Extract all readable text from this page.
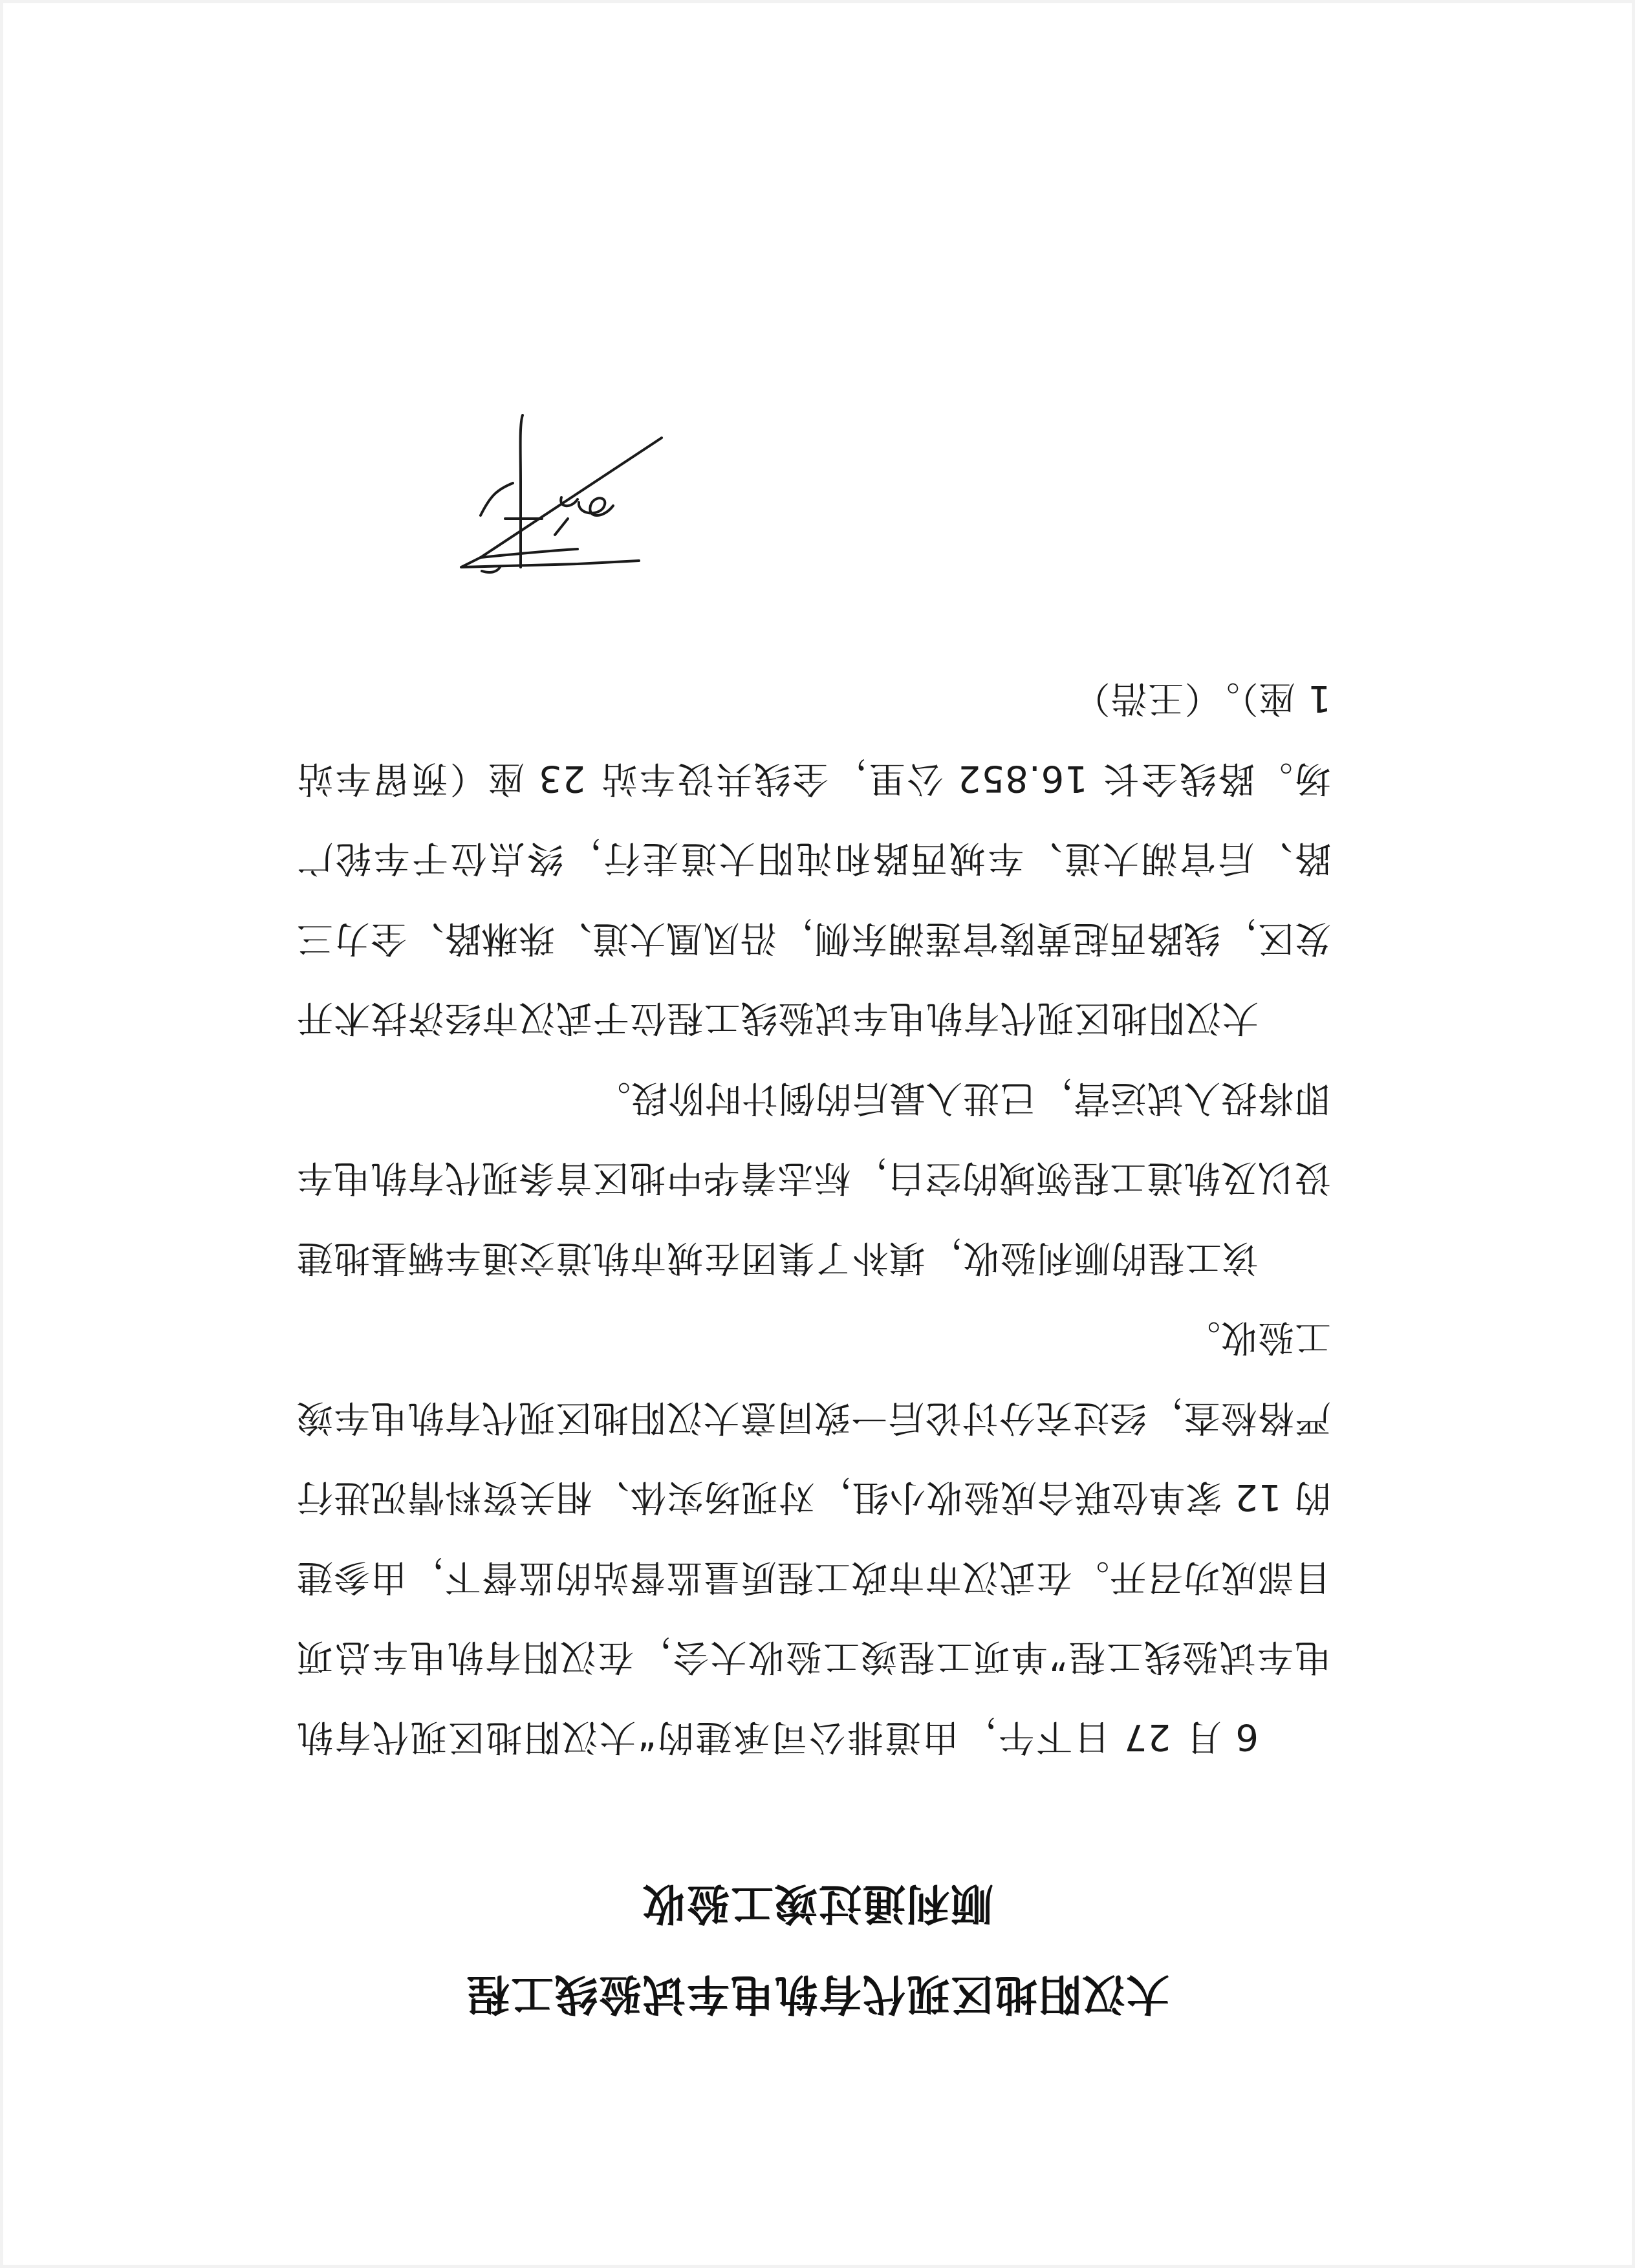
大汉阳地区现代有轨电车试验线工程
顺利通过竣工验收

6 月 27 日下午，由道排公司承建的“大汉阳地区现代有轨电车试验线工程”单项工程竣工验收大会，在汉阳有轨电车总项目部成功召开。在武汉市市政工程质量监督站的监督下，由参建的 12 家单位联合成验收小组，对现场实体、相关资料情况进行严格检查，经过充分讨论后一致同意大汉阳地区现代有轨电车竣工验收。

该工程的顺利验收，填补了集团在城市轨道交通车辆基地建设以及轨道工程领域的空白，标志着华中地区首条现代有轨电车即将投入试运营，已进入最后的倒计时阶段。

大汉阳地区现代有轨电车试验线工程位于武汉市经济技术开发区，线路西起黄陵官莲湖东侧，沿凤凰大道、珠琳路、全力三路、后官湖大道、车城西路和沌阳大道走行，终点位于车轮广场。路线全长 16.852 公里，全线共设车站 23 座（预留车站 1 座）。（王浩）
